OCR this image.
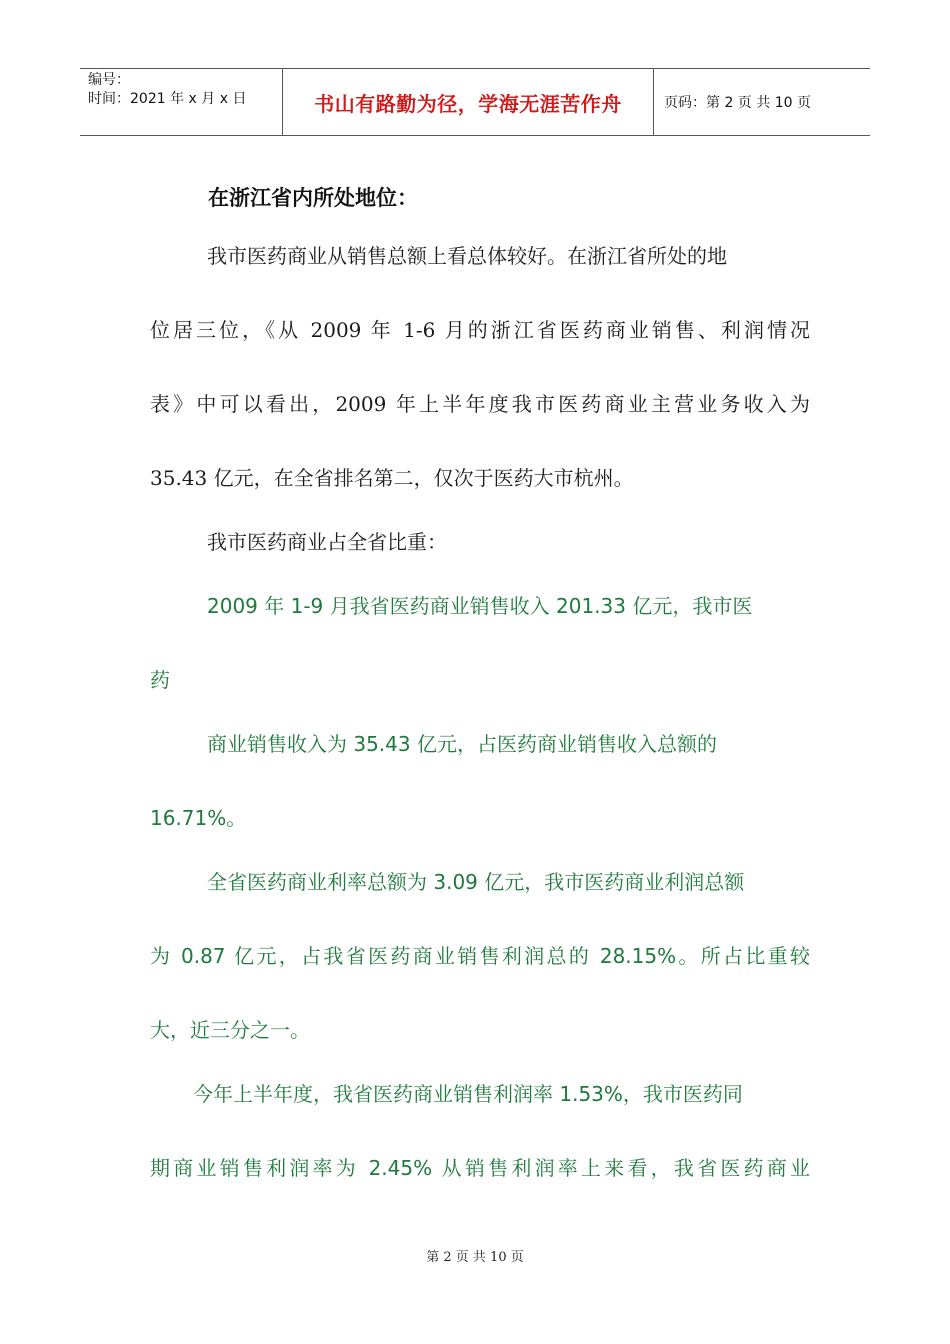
编号：
时间：2021 年 x 月 x 日	书山有路勤为径，学海无涯苦作舟	页码：第 2 页 共 10 页
在浙江省内所处地位：
我市医药商业从销售总额上看总体较好。在浙江省所处的地
位居三位，《从 2009 年 1-6 月的浙江省医药商业销售、利润情况
表》中可以看出，2009 年上半年度我市医药商业主营业务收入为
35.43 亿元，在全省排名第二，仅次于医药大市杭州。
我市医药商业占全省比重：
2009 年 1-9 月我省医药商业销售收入 201.33 亿元，我市医
药
商业销售收入为 35.43 亿元，占医药商业销售收入总额的
16.71%。
全省医药商业利率总额为 3.09 亿元，我市医药商业利润总额
为 0.87 亿元，占我省医药商业销售利润总的 28.15%。所占比重较
大，近三分之一。
今年上半年度，我省医药商业销售利润率 1.53%，我市医药同
期商业销售利润率为 2.45% 从销售利润率上来看，我省医药商业
第 2 页 共 10 页
